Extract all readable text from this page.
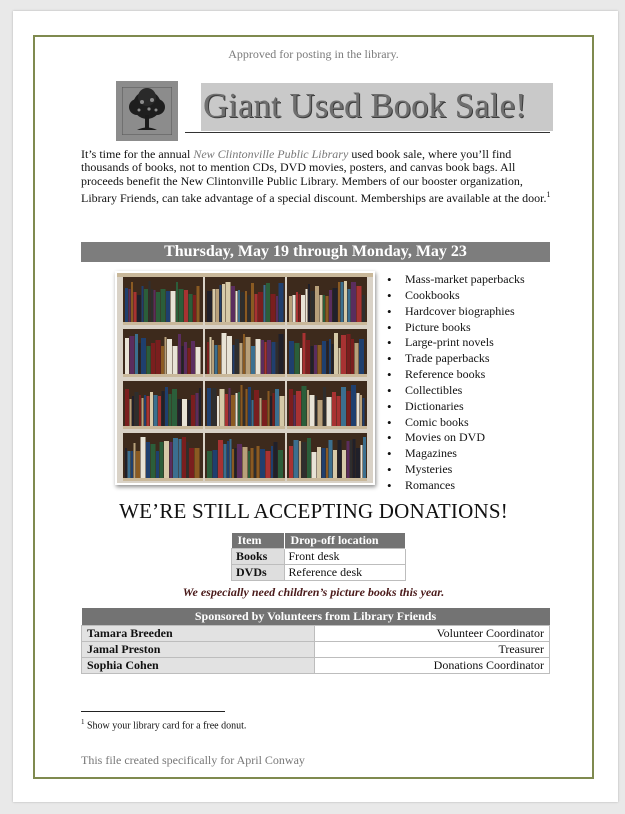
Approved for posting in the library.
Giant Used Book Sale!

It’s time for the annual New Clintonville Public Library used book sale, where you’ll find thousands of books, not to mention CDs, DVD movies, posters, and canvas book bags. All proceeds benefit the New Clintonville Public Library. Members of our booster organization, Library Friends, can take advantage of a special discount. Memberships are available at the door.$^1$

Thursday, May 19 through Monday, May 23
• Mass-market paperbacks
• Cookbooks
• Hardcover biographies
• Picture books
• Large-print novels
• Trade paperbacks
• Reference books
• Collectibles
• Dictionaries
• Comic books
• Movies on DVD
• Magazines
• Mysteries
• Romances
WE’RE STILL ACCEPTING DONATIONS!
Item	Drop-off location
Books	Front desk
DVDs	Reference desk
We especially need children’s picture books this year.
Sponsored by Volunteers from Library Friends	
Tamara Breeden	Volunteer Coordinator
Jamal Preston	Treasurer
Sophia Cohen	Donations Coordinator
$^1$ Show your library card for a free donut.
This file created specifically for April Conway
